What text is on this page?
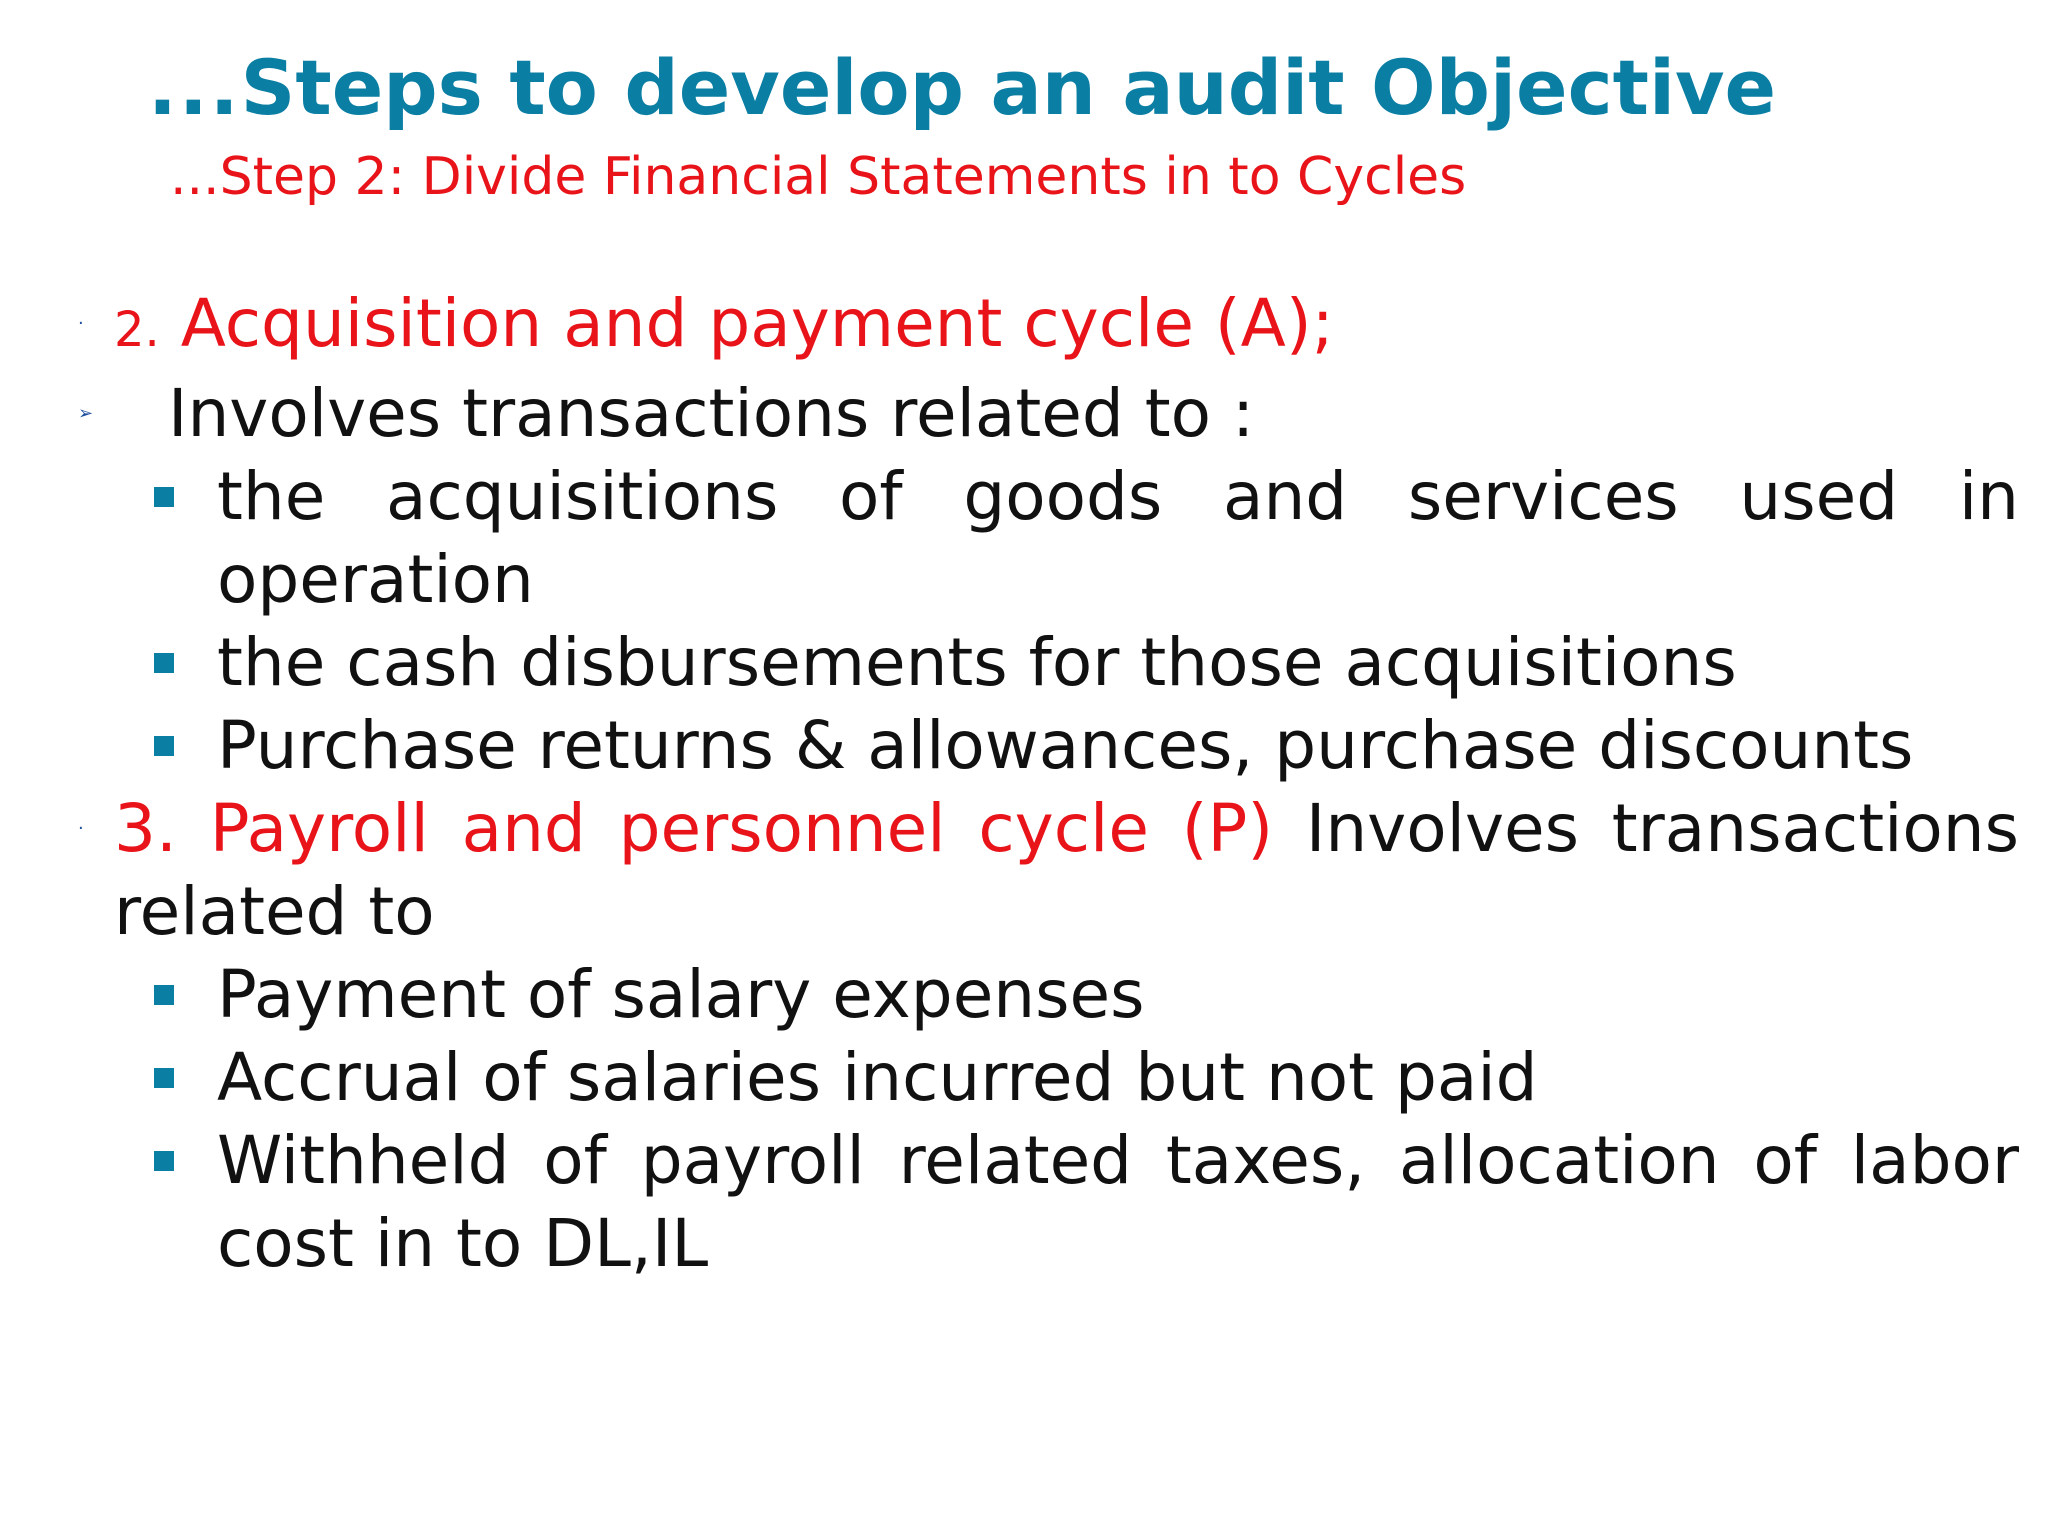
...Steps to develop an audit Objective

...Step 2: Divide Financial Statements in to Cycles

· 2. Acquisition and payment cycle (A);
➢ Involves transactions related to :
the acquisitions of goods and services used in operation
the cash disbursements for those acquisitions
Purchase returns & allowances, purchase discounts
· 3. Payroll and personnel cycle (P) Involves transactions related to
Payment of salary expenses
Accrual of salaries incurred but not paid
Withheld of payroll related taxes, allocation of labor cost in to DL,IL
